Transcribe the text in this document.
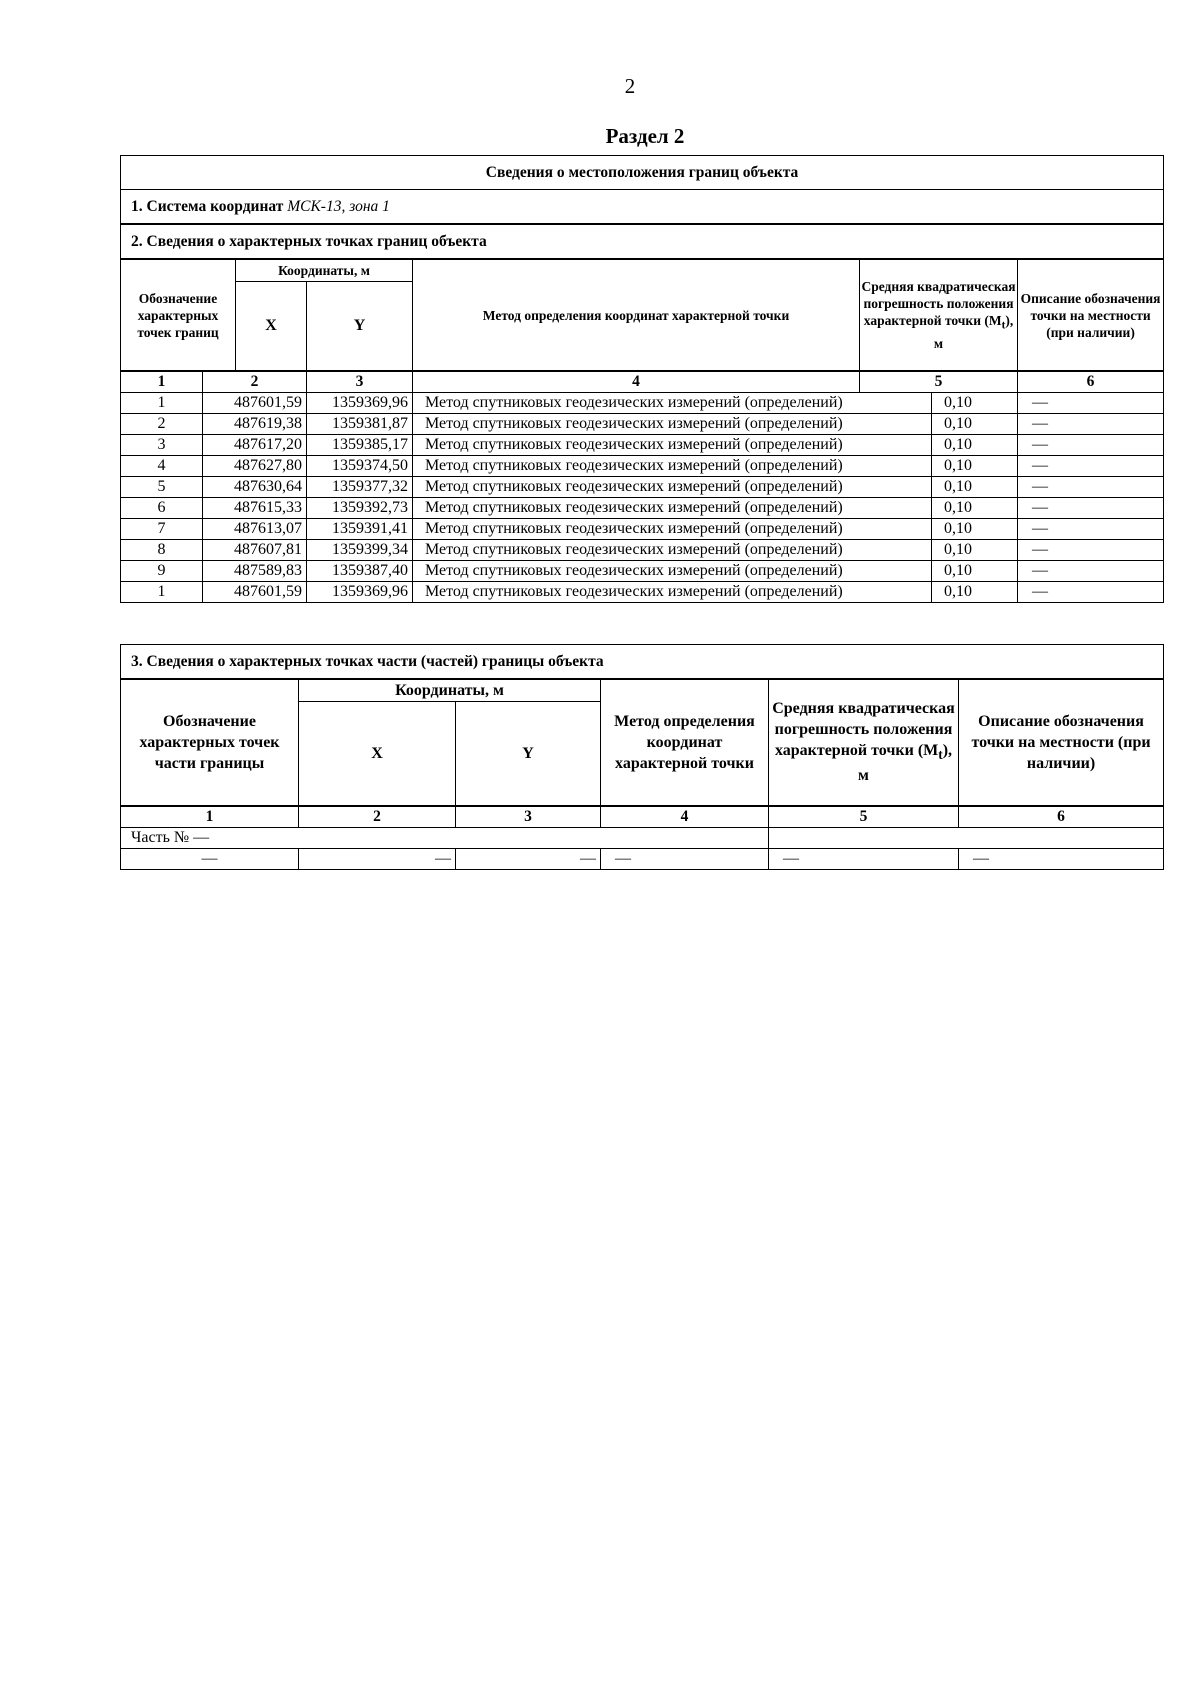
2
Раздел 2
Сведения о местоположения границ объекта							
1. Система координат МСК-13, зона 1							
2. Сведения о характерных точках границ объекта							
Обозначение характерных точек границ		Координаты, м		Метод определения координат характерной точки	Средняя квадратическая погрешность положения характерной точки $(M_t)$, м		Описание обозначения точки на местности (при наличии)
		X	Y				
1	2		3	4	5		6
1	487601,59		1359369,96	Метод спутниковых геодезических измерений (определений)		0,10	—
2	487619,38		1359381,87	Метод спутниковых геодезических измерений (определений)		0,10	—
3	487617,20		1359385,17	Метод спутниковых геодезических измерений (определений)		0,10	—
4	487627,80		1359374,50	Метод спутниковых геодезических измерений (определений)		0,10	—
5	487630,64		1359377,32	Метод спутниковых геодезических измерений (определений)		0,10	—
6	487615,33		1359392,73	Метод спутниковых геодезических измерений (определений)		0,10	—
7	487613,07		1359391,41	Метод спутниковых геодезических измерений (определений)		0,10	—
8	487607,81		1359399,34	Метод спутниковых геодезических измерений (определений)		0,10	—
9	487589,83		1359387,40	Метод спутниковых геодезических измерений (определений)		0,10	—
1	487601,59		1359369,96	Метод спутниковых геодезических измерений (определений)		0,10	—
3. Сведения о характерных точках части (частей) границы объекта					
Обозначение характерных точек части границы	Координаты, м		Метод определения координат характерной точки	Средняя квадратическая погрешность положения характерной точки $(M_t)$, м	Описание обозначения точки на местности (при наличии)
	X	Y			
1	2	3	4	5	6
Часть № —					
—	—	—	—	—	—
